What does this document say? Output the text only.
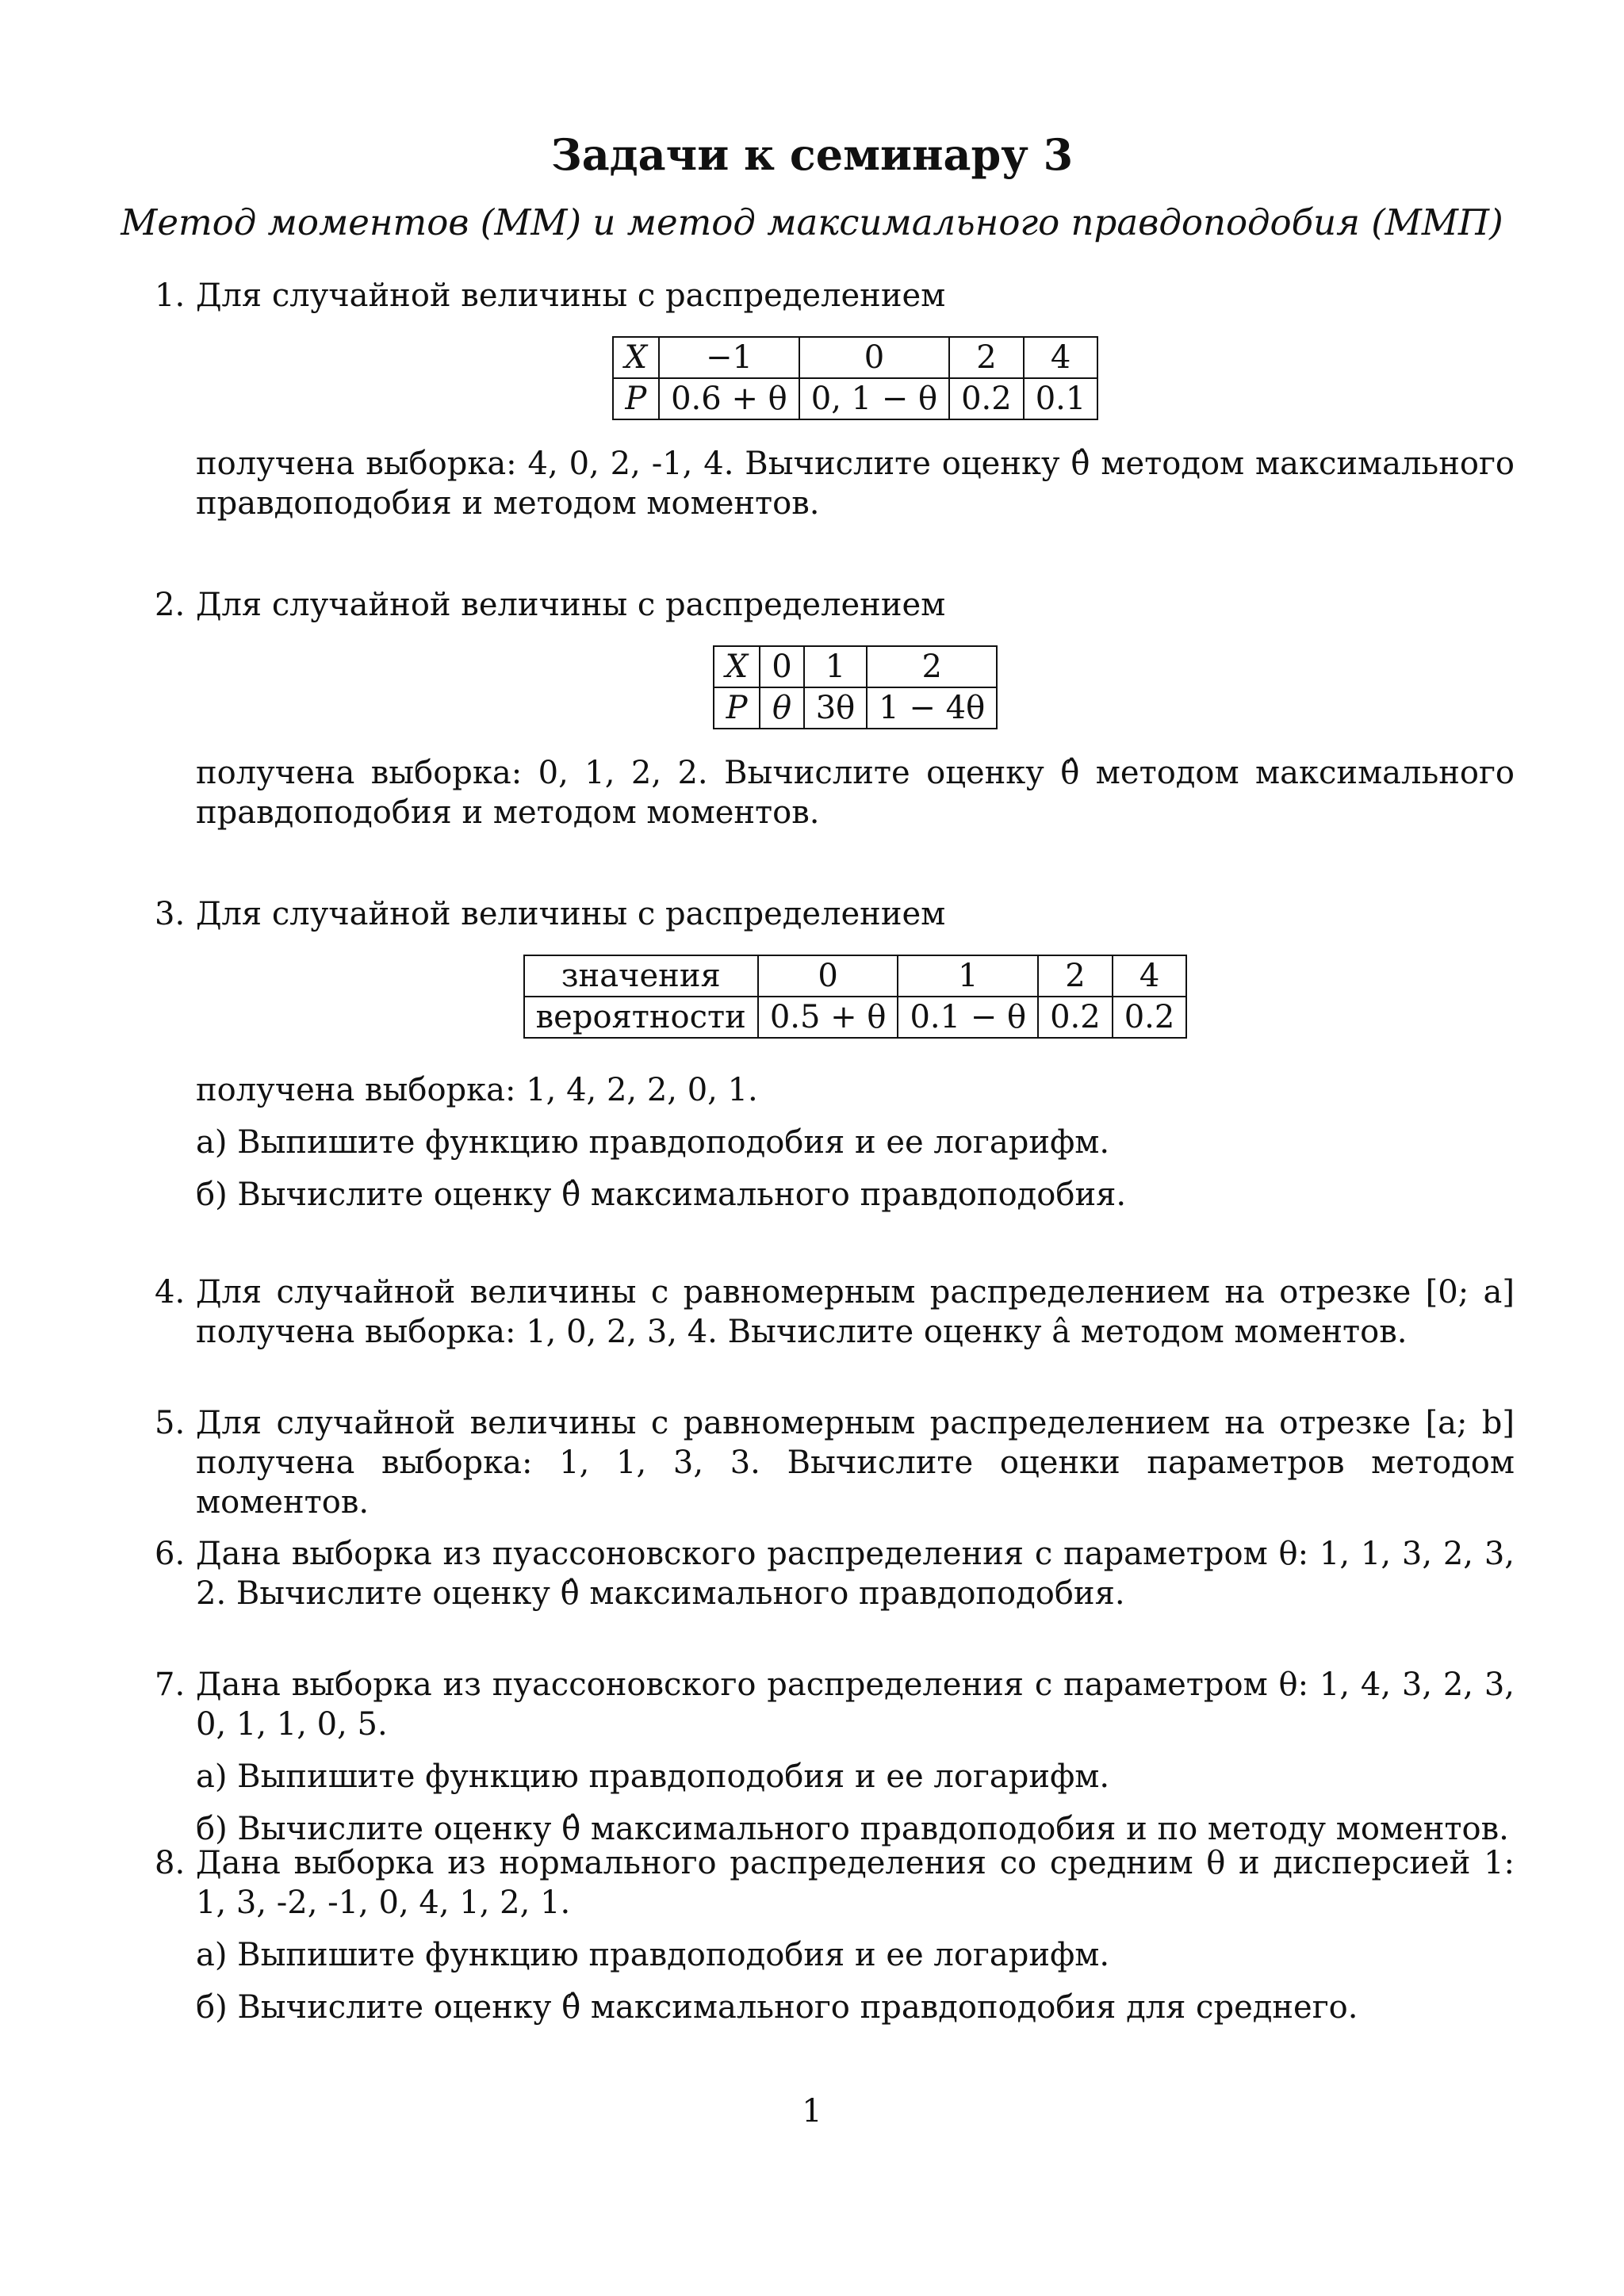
Задачи к семинару 3
Метод моментов (ММ) и метод максимального правдоподобия (ММП)
1. Для случайной величины с распределением

X	−1	0	2	4
P	0.6 + θ	0, 1 − θ	0.2	0.1

получена выборка: 4, 0, 2, -1, 4. Вычислите оценку θ̂ методом максимального правдоподобия и методом моментов.

2. Для случайной величины с распределением

X	0	1	2
P	θ	3θ	1 − 4θ

получена выборка: 0, 1, 2, 2. Вычислите оценку θ̂ методом максимального правдоподобия и методом моментов.

3. Для случайной величины с распределением

значения	0	1	2	4
вероятности	0.5 + θ	0.1 − θ	0.2	0.2

получена выборка: 1, 4, 2, 2, 0, 1.

а) Выпишите функцию правдоподобия и ее логарифм.

б) Вычислите оценку θ̂ максимального правдоподобия.

4. Для случайной величины с равномерным распределением на отрезке [0; a] получена выборка: 1, 0, 2, 3, 4. Вычислите оценку â методом моментов.

5. Для случайной величины с равномерным распределением на отрезке [a; b] получена выборка: 1, 1, 3, 3. Вычислите оценки параметров методом моментов.

6. Дана выборка из пуассоновского распределения с параметром θ: 1, 1, 3, 2, 3, 2. Вычислите оценку θ̂ максимального правдоподобия.

7. Дана выборка из пуассоновского распределения с параметром θ: 1, 4, 3, 2, 3, 0, 1, 1, 0, 5.

а) Выпишите функцию правдоподобия и ее логарифм.

б) Вычислите оценку θ̂ максимального правдоподобия и по методу моментов.

8. Дана выборка из нормального распределения со средним θ и дисперсией 1: 1, 3, -2, -1, 0, 4, 1, 2, 1.

а) Выпишите функцию правдоподобия и ее логарифм.

б) Вычислите оценку θ̂ максимального правдоподобия для среднего.

1
